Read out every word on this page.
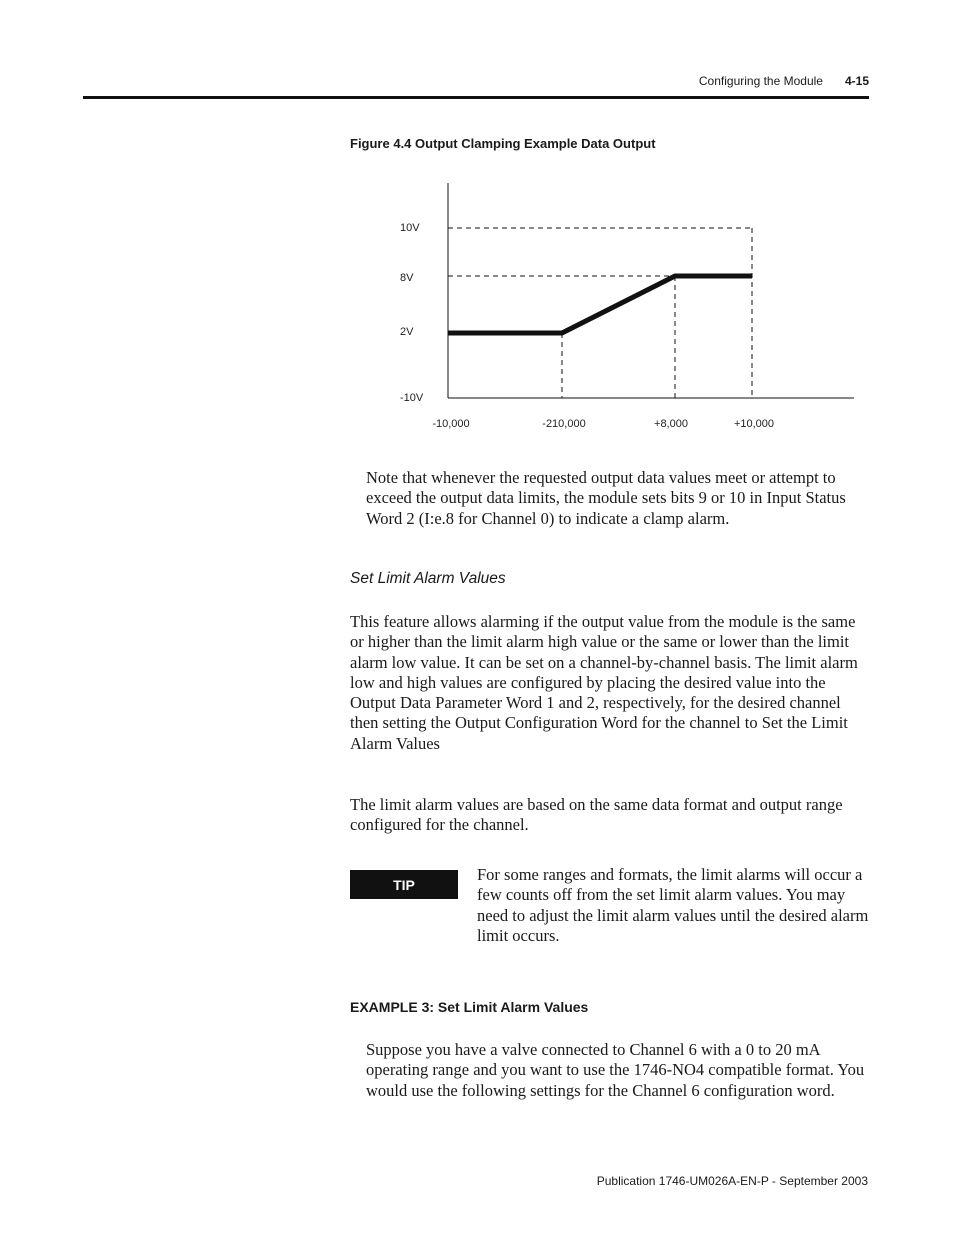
Configuring the Module 4-15
Figure 4.4 Output Clamping Example Data Output
10V
8V
2V
-10V
-10,000	-210,000	+8,000	+10,000

Note that whenever the requested output data values meet or attempt to exceed the output data limits, the module sets bits 9 or 10 in Input Status Word 2 (I:e.8 for Channel 0) to indicate a clamp alarm.

Set Limit Alarm Values

This feature allows alarming if the output value from the module is the same or higher than the limit alarm high value or the same or lower than the limit alarm low value. It can be set on a channel-by-channel basis. The limit alarm low and high values are configured by placing the desired value into the Output Data Parameter Word 1 and 2, respectively, for the desired channel then setting the Output Configuration Word for the channel to Set the Limit Alarm Values

The limit alarm values are based on the same data format and output range configured for the channel.

TIP

For some ranges and formats, the limit alarms will occur a few counts off from the set limit alarm values. You may need to adjust the limit alarm values until the desired alarm limit occurs.

EXAMPLE 3: Set Limit Alarm Values

Suppose you have a valve connected to Channel 6 with a 0 to 20 mA operating range and you want to use the 1746-NO4 compatible format. You would use the following settings for the Channel 6 configuration word.

Publication 1746-UM026A-EN-P - September 2003
